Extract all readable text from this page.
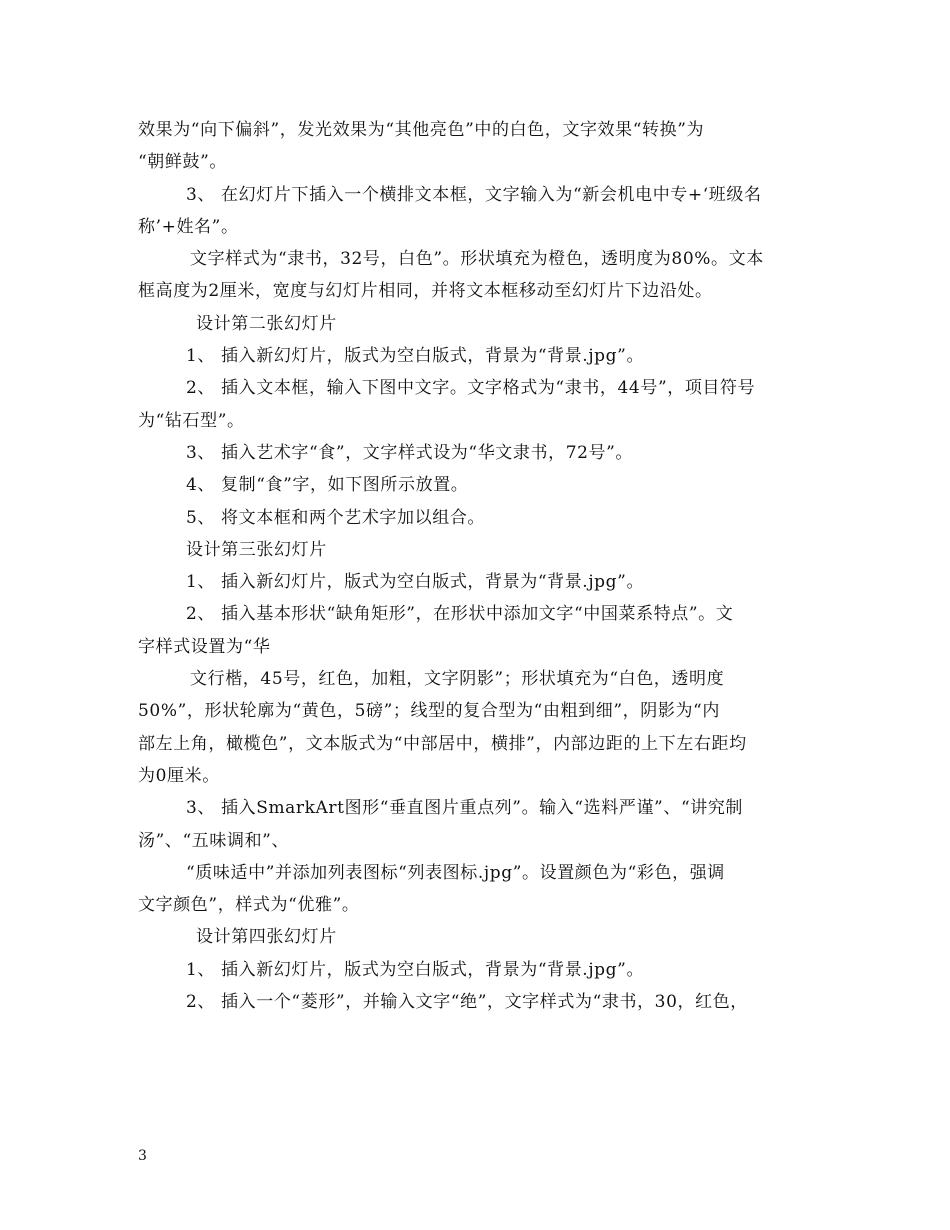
效果为“向下偏斜”，发光效果为“其他亮色”中的白色，文字效果“转换”为
“朝鲜鼓”。
3、 在幻灯片下插入一个横排文本框，文字输入为“新会机电中专+‘班级名
称’+姓名”。
文字样式为“隶书，32号，白色”。形状填充为橙色，透明度为80%。文本
框高度为2厘米，宽度与幻灯片相同，并将文本框移动至幻灯片下边沿处。
设计第二张幻灯片
1、 插入新幻灯片，版式为空白版式，背景为“背景.jpg”。
2、 插入文本框，输入下图中文字。文字格式为“隶书，44号”，项目符号
为“钻石型”。
3、 插入艺术字“食”，文字样式设为“华文隶书，72号”。
4、 复制“食”字，如下图所示放置。
5、 将文本框和两个艺术字加以组合。
设计第三张幻灯片
1、 插入新幻灯片，版式为空白版式，背景为“背景.jpg”。
2、 插入基本形状“缺角矩形”，在形状中添加文字“中国菜系特点”。文
字样式设置为“华
文行楷，45号，红色，加粗，文字阴影”；形状填充为“白色，透明度
50%”，形状轮廓为“黄色，5磅”；线型的复合型为“由粗到细”，阴影为“内
部左上角，橄榄色”，文本版式为“中部居中，横排”，内部边距的上下左右距均
为0厘米。
3、 插入SmarkArt图形“垂直图片重点列”。输入“选料严谨”、“讲究制
汤”、“五味调和”、
“质味适中”并添加列表图标“列表图标.jpg”。设置颜色为“彩色，强调
文字颜色”，样式为“优雅”。
设计第四张幻灯片
1、 插入新幻灯片，版式为空白版式，背景为“背景.jpg”。
2、 插入一个“菱形”，并输入文字“绝”，文字样式为“隶书，30，红色，
3
